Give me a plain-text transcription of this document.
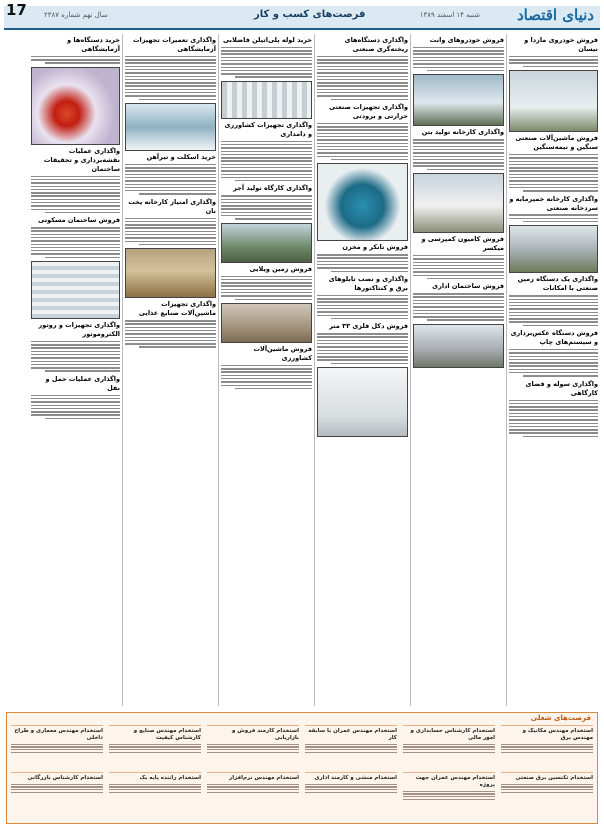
دنیای اقتصاد
شنبه ۱۴ اسفند ۱۳۸۹
فرصت‌های کسب و کار
سال نهم شماره ۲۳۸۷
17
فروش خودروی مازدا و نیسان
فروش ماشین‌آلات صنعتی سنگین و نیمه‌سنگین
واگذاری کارخانه خمیرمایه و سردخانه صنعتی
واگذاری یک دستگاه زمین صنعتی با امکانات
فروش دستگاه عکس‌برداری و سیستم‌های چاپ
واگذاری سوله و فضای کارگاهی
فروش خودروهای وانت
واگذاری کارخانه تولید بتن
فروش کامیون کمپرسی و میکسر
فروش ساختمان اداری
واگذاری دستگاه‌های ریخته‌گری صنعتی
واگذاری تجهیزات صنعتی حرارتی و برودتی
فروش تانکر و مخزن
واگذاری و نصب تابلوهای برق و کنتاکتورها
فروش دکل فلزی ۳۳ متر
خرید لوله پلی‌اتیلن فاضلابی
واگذاری تجهیزات کشاورزی و دامداری
واگذاری کارگاه تولید آجر
فروش زمین ویلایی
فروش ماشین‌آلات کشاورزی
واگذاری تعمیرات تجهیزات آزمایشگاهی
خرید اسکلت و تیرآهن
واگذاری امتیاز کارخانه پخت نان
واگذاری تجهیزات ماشین‌آلات صنایع غذایی
خرید دستگاه‌ها و آزمایشگاهی
واگذاری عملیات نقشه‌برداری و تحقیقات ساختمان
فروش ساختمان مسکونی
واگذاری تجهیزات و روتور الکتروموتور
واگذاری عملیات حمل و نقل
فرصت‌های شغلی
استخدام مهندس مکانیک و مهندس برق
استخدام کارشناس حسابداری و امور مالی
استخدام مهندس عمران با سابقه کار
استخدام کارمند فروش و بازاریابی
استخدام مهندس صنایع و کارشناس کیفیت
استخدام مهندس معماری و طراح داخلی
استخدام تکنسین برق صنعتی
استخدام مهندس عمران جهت پروژه
استخدام منشی و کارمند اداری
استخدام مهندس نرم‌افزار
استخدام راننده پایه یک
استخدام کارشناس بازرگانی
